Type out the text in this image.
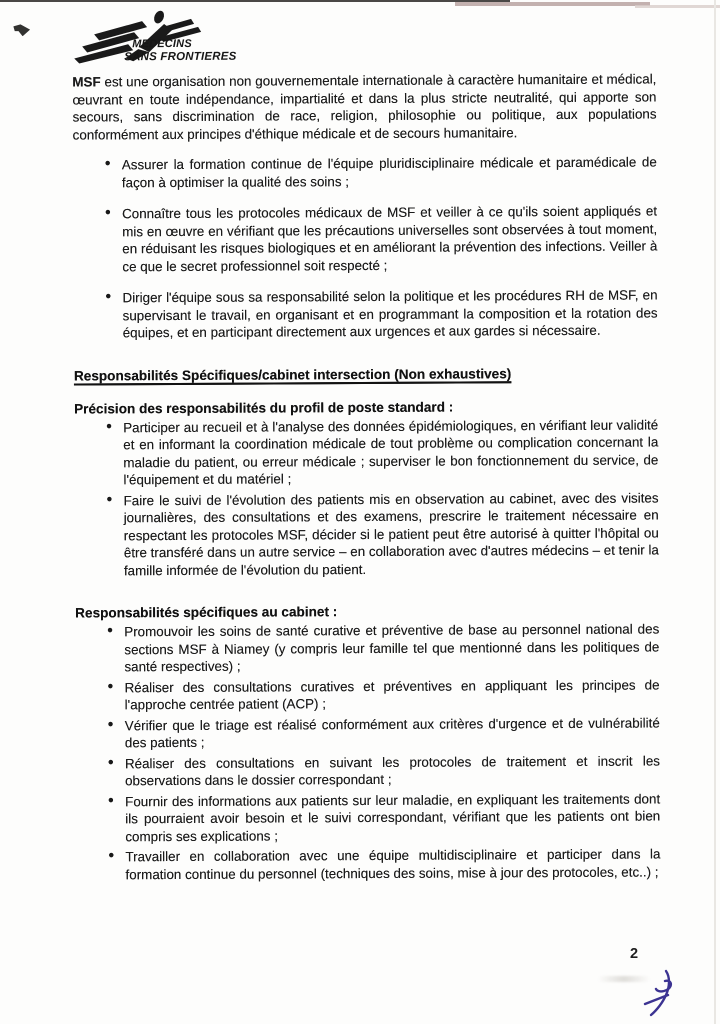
MEDECINS
SANS FRONTIERES

MSF est une organisation non gouvernementale internationale à caractère humanitaire et médical, œuvrant en toute indépendance, impartialité et dans la plus stricte neutralité, qui apporte son secours, sans discrimination de race, religion, philosophie ou politique, aux populations conformément aux principes d'éthique médicale et de secours humanitaire.

• Assurer la formation continue de l'équipe pluridisciplinaire médicale et paramédicale de façon à optimiser la qualité des soins ;
• Connaître tous les protocoles médicaux de MSF et veiller à ce qu'ils soient appliqués et mis en œuvre en vérifiant que les précautions universelles sont observées à tout moment, en réduisant les risques biologiques et en améliorant la prévention des infections. Veiller à ce que le secret professionnel soit respecté ;
• Diriger l'équipe sous sa responsabilité selon la politique et les procédures RH de MSF, en supervisant le travail, en organisant et en programmant la composition et la rotation des équipes, et en participant directement aux urgences et aux gardes si nécessaire.
Responsabilités Spécifiques/cabinet intersection (Non exhaustives)
Précision des responsabilités du profil de poste standard :
• Participer au recueil et à l'analyse des données épidémiologiques, en vérifiant leur validité et en informant la coordination médicale de tout problème ou complication concernant la maladie du patient, ou erreur médicale ; superviser le bon fonctionnement du service, de l'équipement et du matériel ;
• Faire le suivi de l'évolution des patients mis en observation au cabinet, avec des visites journalières, des consultations et des examens, prescrire le traitement nécessaire en respectant les protocoles MSF, décider si le patient peut être autorisé à quitter l'hôpital ou être transféré dans un autre service – en collaboration avec d'autres médecins – et tenir la famille informée de l'évolution du patient.
Responsabilités spécifiques au cabinet :
• Promouvoir les soins de santé curative et préventive de base au personnel national des sections MSF à Niamey (y compris leur famille tel que mentionné dans les politiques de santé respectives) ;
• Réaliser des consultations curatives et préventives en appliquant les principes de l'approche centrée patient (ACP) ;
• Vérifier que le triage est réalisé conformément aux critères d'urgence et de vulnérabilité des patients ;
• Réaliser des consultations en suivant les protocoles de traitement et inscrit les observations dans le dossier correspondant ;
• Fournir des informations aux patients sur leur maladie, en expliquant les traitements dont ils pourraient avoir besoin et le suivi correspondant, vérifiant que les patients ont bien compris ses explications ;
• Travailler en collaboration avec une équipe multidisciplinaire et participer dans la formation continue du personnel (techniques des soins, mise à jour des protocoles, etc..) ;
2
